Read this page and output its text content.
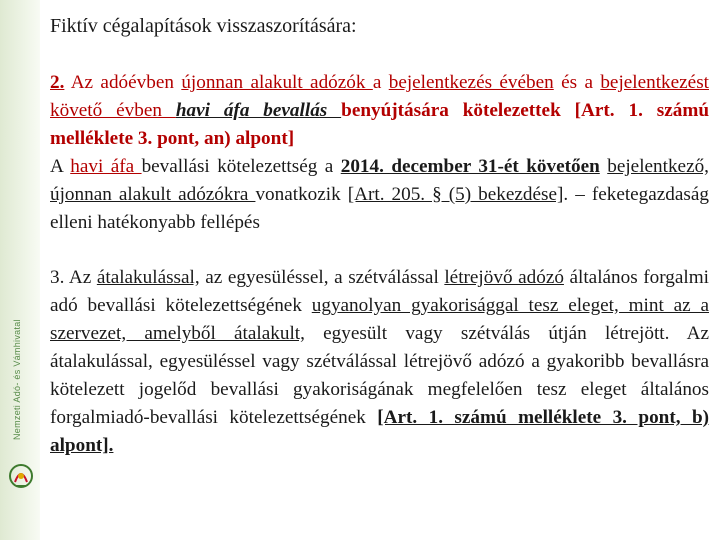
Nemzeti Adó- és Vámhivatal
Fiktív cégalapítások visszaszorítására:

2. Az adóévben újonnan alakult adózók a bejelentkezés évében és a bejelentkezést követő évben havi áfa bevallás benyújtására kötelezettek [Art. 1. számú melléklete 3. pont, an) alpont]
A havi áfa bevallási kötelezettség a 2014. december 31-ét követően bejelentkező, újonnan alakult adózókra vonatkozik [Art. 205. § (5) bekezdése]. – feketegazdaság elleni hatékonyabb fellépés

3. Az átalakulással, az egyesüléssel, a szétválással létrejövő adózó általános forgalmi adó bevallási kötelezettségének ugyanolyan gyakorisággal tesz eleget, mint az a szervezet, amelyből átalakult, egyesült vagy szétválás útján létrejött. Az átalakulással, egyesüléssel vagy szétválással létrejövő adózó a gyakoribb bevallásra kötelezett jogelőd bevallási gyakoriságának megfelelően tesz eleget általános forgalmiadó-bevallási kötelezettségének [Art. 1. számú melléklete 3. pont, b) alpont].
